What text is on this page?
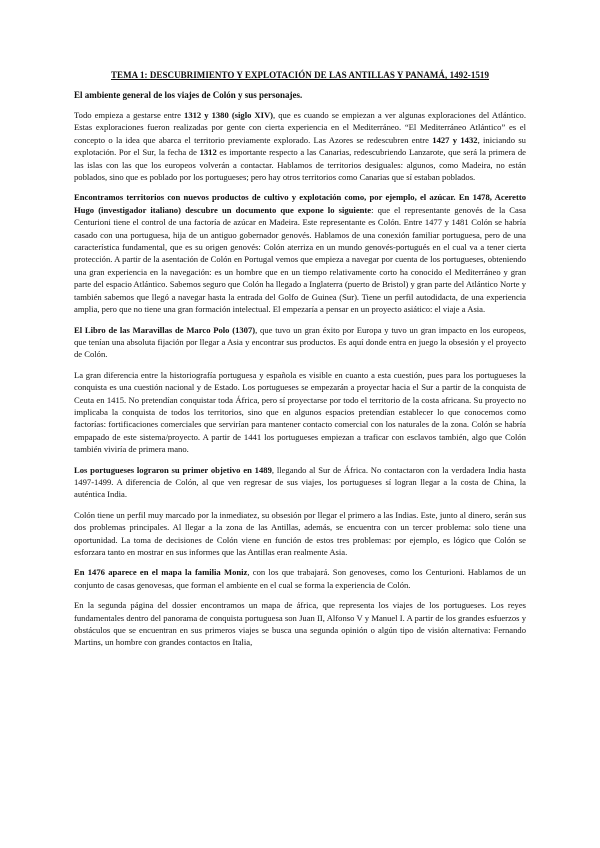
TEMA 1: DESCUBRIMIENTO Y EXPLOTACIÓN DE LAS ANTILLAS Y PANAMÁ, 1492-1519
El ambiente general de los viajes de Colón y sus personajes.

Todo empieza a gestarse entre 1312 y 1380 (siglo XIV), que es cuando se empiezan a ver algunas exploraciones del Atlántico. Estas exploraciones fueron realizadas por gente con cierta experiencia en el Mediterráneo. “El Mediterráneo Atlántico” es el concepto o la idea que abarca el territorio previamente explorado. Las Azores se redescubren entre 1427 y 1432, iniciando su explotación. Por el Sur, la fecha de 1312 es importante respecto a las Canarias, redescubriendo Lanzarote, que será la primera de las islas con las que los europeos volverán a contactar. Hablamos de territorios desiguales: algunos, como Madeira, no están poblados, sino que es poblado por los portugueses; pero hay otros territorios como Canarias que sí estaban poblados.

Encontramos territorios con nuevos productos de cultivo y explotación como, por ejemplo, el azúcar. En 1478, Aceretto Hugo (investigador italiano) descubre un documento que expone lo siguiente: que el representante genovés de la Casa Centurioni tiene el control de una factoría de azúcar en Madeira. Este representante es Colón. Entre 1477 y 1481 Colón se habría casado con una portuguesa, hija de un antiguo gobernador genovés. Hablamos de una conexión familiar portuguesa, pero de una característica fundamental, que es su origen genovés: Colón aterriza en un mundo genovés-portugués en el cual va a tener cierta protección. A partir de la asentación de Colón en Portugal vemos que empieza a navegar por cuenta de los portugueses, obteniendo una gran experiencia en la navegación: es un hombre que en un tiempo relativamente corto ha conocido el Mediterráneo y gran parte del espacio Atlántico. Sabemos seguro que Colón ha llegado a Inglaterra (puerto de Bristol) y gran parte del Atlántico Norte y también sabemos que llegó a navegar hasta la entrada del Golfo de Guinea (Sur). Tiene un perfil autodidacta, de una experiencia amplia, pero que no tiene una gran formación intelectual. El empezaría a pensar en un proyecto asiático: el viaje a Asia.

El Libro de las Maravillas de Marco Polo (1307), que tuvo un gran éxito por Europa y tuvo un gran impacto en los europeos, que tenían una absoluta fijación por llegar a Asia y encontrar sus productos. Es aquí donde entra en juego la obsesión y el proyecto de Colón.

La gran diferencia entre la historiografía portuguesa y española es visible en cuanto a esta cuestión, pues para los portugueses la conquista es una cuestión nacional y de Estado. Los portugueses se empezarán a proyectar hacia el Sur a partir de la conquista de Ceuta en 1415. No pretendían conquistar toda África, pero sí proyectarse por todo el territorio de la costa africana. Su proyecto no implicaba la conquista de todos los territorios, sino que en algunos espacios pretendían establecer lo que conocemos como factorías: fortificaciones comerciales que servirían para mantener contacto comercial con los naturales de la zona. Colón se habría empapado de este sistema/proyecto. A partir de 1441 los portugueses empiezan a traficar con esclavos también, algo que Colón también viviría de primera mano.

Los portugueses lograron su primer objetivo en 1489, llegando al Sur de África. No contactaron con la verdadera India hasta 1497-1499. A diferencia de Colón, al que ven regresar de sus viajes, los portugueses sí logran llegar a la costa de China, la auténtica India.

Colón tiene un perfil muy marcado por la inmediatez, su obsesión por llegar el primero a las Indias. Este, junto al dinero, serán sus dos problemas principales. Al llegar a la zona de las Antillas, además, se encuentra con un tercer problema: solo tiene una oportunidad. La toma de decisiones de Colón viene en función de estos tres problemas: por ejemplo, es lógico que Colón se esforzara tanto en mostrar en sus informes que las Antillas eran realmente Asia.

En 1476 aparece en el mapa la familia Moniz, con los que trabajará. Son genoveses, como los Centurioni. Hablamos de un conjunto de casas genovesas, que forman el ambiente en el cual se forma la experiencia de Colón.

En la segunda página del dossier encontramos un mapa de áfrica, que representa los viajes de los portugueses. Los reyes fundamentales dentro del panorama de conquista portuguesa son Juan II, Alfonso V y Manuel I. A partir de los grandes esfuerzos y obstáculos que se encuentran en sus primeros viajes se busca una segunda opinión o algún tipo de visión alternativa: Fernando Martins, un hombre con grandes contactos en Italia,
